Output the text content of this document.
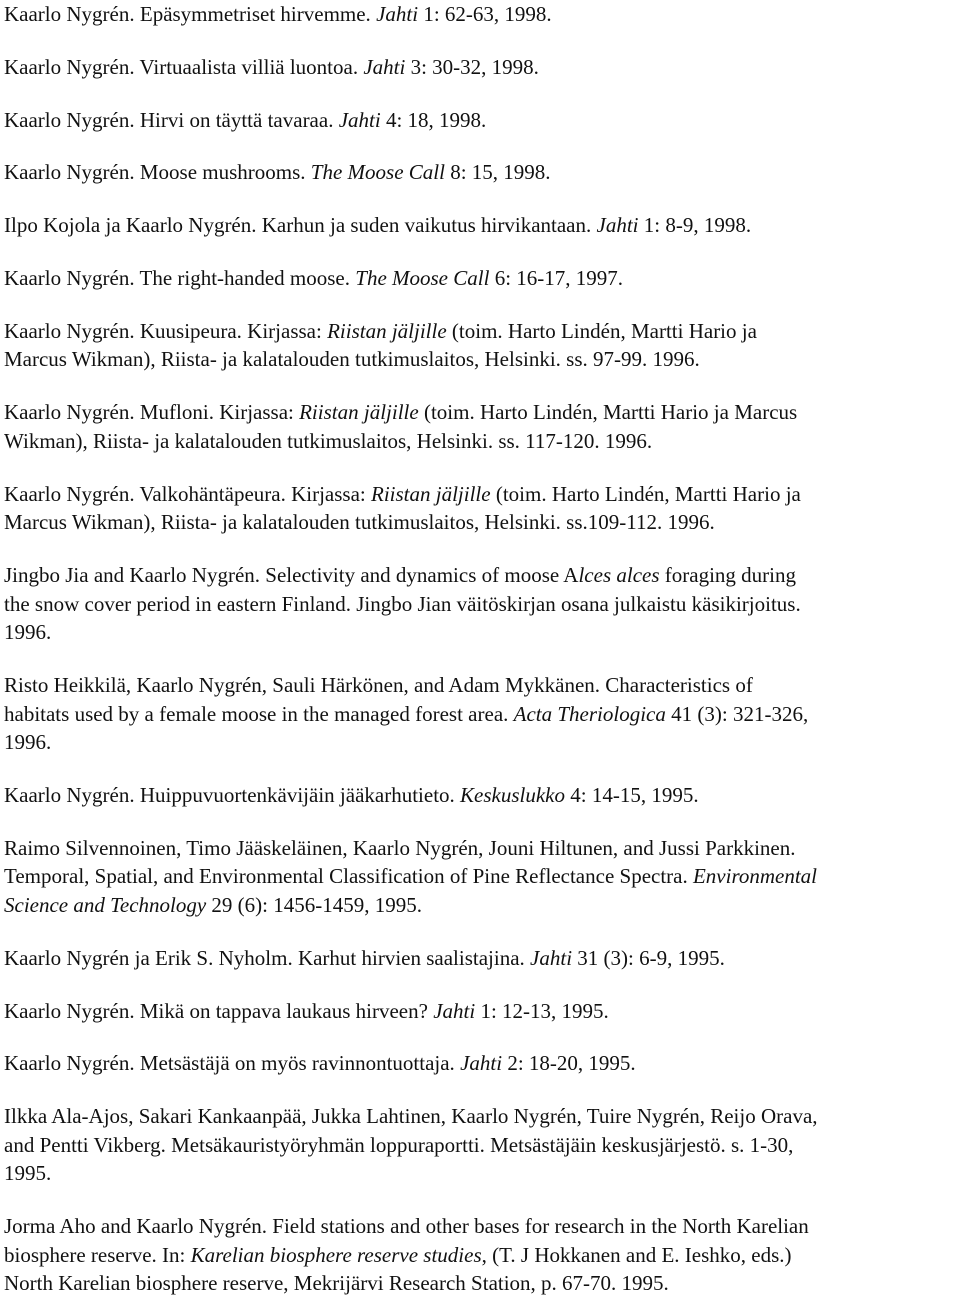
Kaarlo Nygrén. Epäsymmetriset hirvemme. Jahti 1: 62-63, 1998.
Kaarlo Nygrén. Virtuaalista villiä luontoa. Jahti 3: 30-32, 1998.
Kaarlo Nygrén. Hirvi on täyttä tavaraa. Jahti 4: 18, 1998.
Kaarlo Nygrén. Moose mushrooms. The Moose Call 8: 15, 1998.
Ilpo Kojola ja Kaarlo Nygrén. Karhun ja suden vaikutus hirvikantaan. Jahti 1: 8-9, 1998.
Kaarlo Nygrén. The right-handed moose. The Moose Call 6: 16-17, 1997.
Kaarlo Nygrén. Kuusipeura. Kirjassa: Riistan jäljille (toim. Harto Lindén, Martti Hario ja
Marcus Wikman), Riista- ja kalatalouden tutkimuslaitos, Helsinki. ss. 97-99. 1996.
Kaarlo Nygrén. Mufloni. Kirjassa: Riistan jäljille (toim. Harto Lindén, Martti Hario ja Marcus
Wikman), Riista- ja kalatalouden tutkimuslaitos, Helsinki. ss. 117-120. 1996.
Kaarlo Nygrén. Valkohäntäpeura. Kirjassa: Riistan jäljille (toim. Harto Lindén, Martti Hario ja
Marcus Wikman), Riista- ja kalatalouden tutkimuslaitos, Helsinki. ss.109-112. 1996.
Jingbo Jia and Kaarlo Nygrén. Selectivity and dynamics of moose Alces alces foraging during
the snow cover period in eastern Finland. Jingbo Jian väitöskirjan osana julkaistu käsikirjoitus.
1996.
Risto Heikkilä, Kaarlo Nygrén, Sauli Härkönen, and Adam Mykkänen. Characteristics of
habitats used by a female moose in the managed forest area. Acta Theriologica 41 (3): 321-326,
1996.
Kaarlo Nygrén. Huippuvuortenkävijäin jääkarhutieto. Keskuslukko 4: 14-15, 1995.
Raimo Silvennoinen, Timo Jääskeläinen, Kaarlo Nygrén, Jouni Hiltunen, and Jussi Parkkinen.
Temporal, Spatial, and Environmental Classification of Pine Reflectance Spectra. Environmental
Science and Technology 29 (6): 1456-1459, 1995.
Kaarlo Nygrén ja Erik S. Nyholm. Karhut hirvien saalistajina. Jahti 31 (3): 6-9, 1995.
Kaarlo Nygrén. Mikä on tappava laukaus hirveen? Jahti 1: 12-13, 1995.
Kaarlo Nygrén. Metsästäjä on myös ravinnontuottaja. Jahti 2: 18-20, 1995.
Ilkka Ala-Ajos, Sakari Kankaanpää, Jukka Lahtinen, Kaarlo Nygrén, Tuire Nygrén, Reijo Orava,
and Pentti Vikberg. Metsäkauristyöryhmän loppuraportti. Metsästäjäin keskusjärjestö. s. 1-30,
1995.
Jorma Aho and Kaarlo Nygrén. Field stations and other bases for research in the North Karelian
biosphere reserve. In: Karelian biosphere reserve studies, (T. J Hokkanen and E. Ieshko, eds.)
North Karelian biosphere reserve, Mekrijärvi Research Station, p. 67-70. 1995.
